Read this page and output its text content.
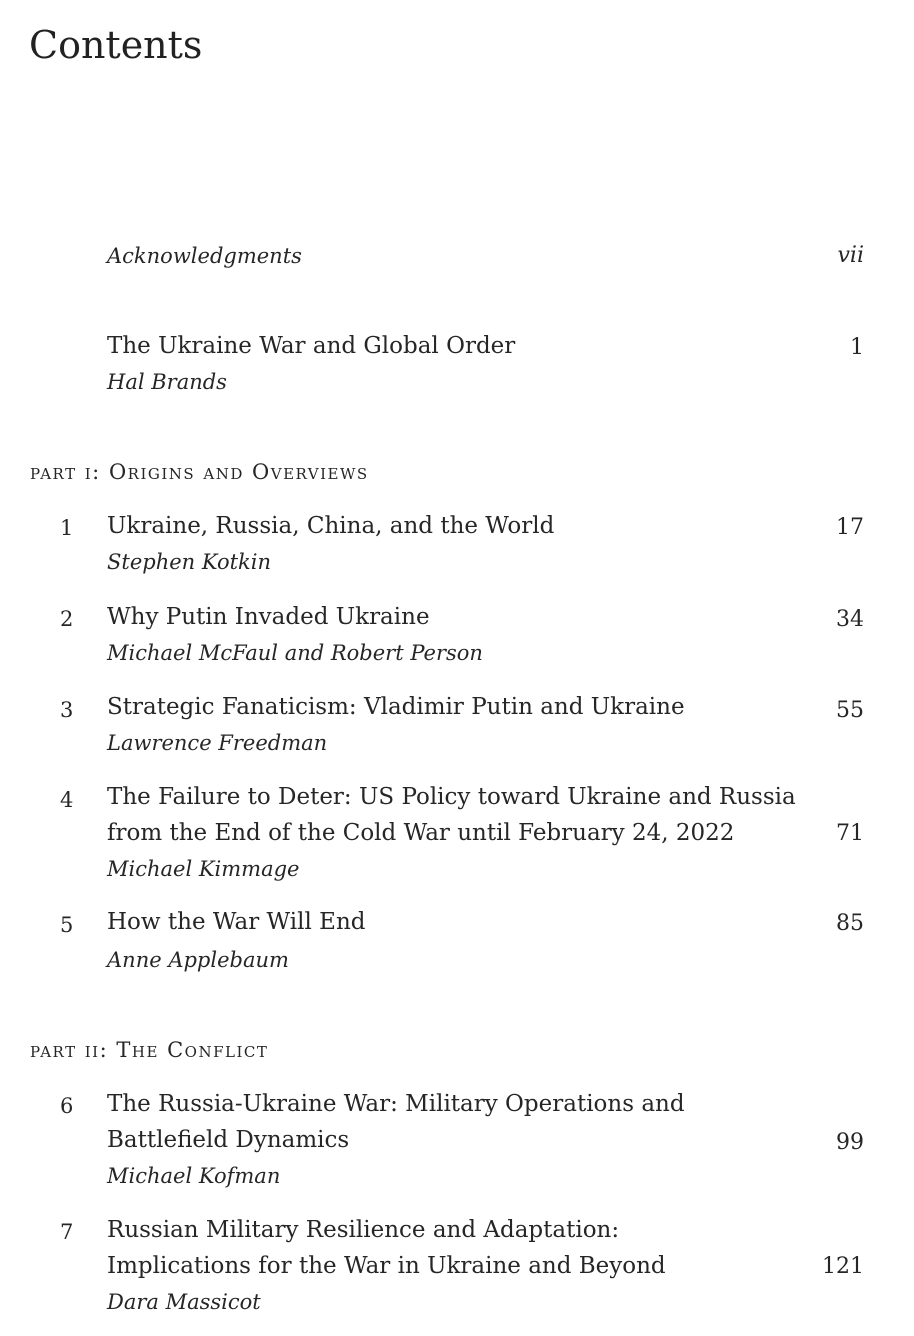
Contents
Acknowledgments	vii
The Ukraine War and Global Order	1
Hal Brands
part i: Origins and Overviews
1	Ukraine, Russia, China, and the World	17
Stephen Kotkin
2	Why Putin Invaded Ukraine	34
Michael McFaul and Robert Person
3	Strategic Fanaticism: Vladimir Putin and Ukraine	55
Lawrence Freedman
4	The Failure to Deter: US Policy toward Ukraine and Russia
from the End of the Cold War until February 24, 2022	71
Michael Kimmage
5	How the War Will End	85
Anne Applebaum
part ii: The Conflict
6	The Russia-Ukraine War: Military Operations and
Battlefield Dynamics	99
Michael Kofman
7	Russian Military Resilience and Adaptation:
Implications for the War in Ukraine and Beyond	121
Dara Massicot
